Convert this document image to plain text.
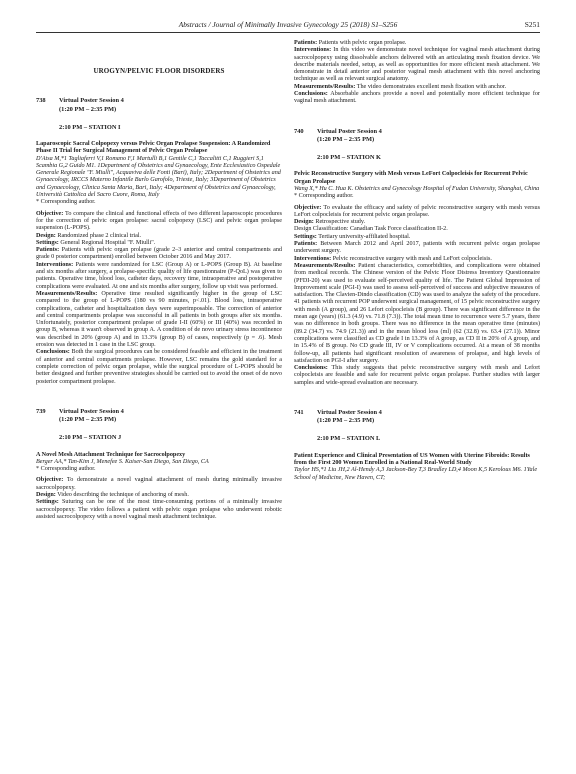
Abstracts / Journal of Minimally Invasive Gynecology 25 (2018) S1–S256	S251
UROGYN/PELVIC FLOOR DISORDERS
738	Virtual Poster Session 4
(1:20 PM – 2:35 PM)
2:10 PM – STATION I

Laparoscopic Sacral Colpopexy versus Pelvic Organ Prolapse Suspension: A Randomized Phase II Trial for Surgical Management of Pelvic Organ Prolapse

D'Atsa M,*1 Tagliaferri V,1 Romano F,1 Martulli B,1 Gentile C,1 Taccalitti C,1 Ruggieri S,1 Scambia G,2 Guido M1. 1Department of Obstetrics and Gynaecology, Ente Ecclesiastico Ospedale Generale Regionale "F. Miulli", Acquaviva delle Fonti (Bari), Italy; 2Department of Obstetrics and Gynaecology, IRCCS Materno Infantile Burlo Garofolo, Trieste, Italy; 3Department of Obstetrics and Gynaecology, Clinica Santa Maria, Bari, Italy; 4Department of Obstetrics and Gynaecology, Università Cattolica del Sacro Cuore, Roma, Italy

* Corresponding author.

Objective: To compare the clinical and functional effects of two different laparoscopic procedures for the correction of pelvic organ prolapse: sacral colpopexy (LSC) and pelvic organ prolapse suspension (L-POPS).

Design: Randomized phase 2 clinical trial.

Settings: General Regional Hospital "F. Miulli".

Patients: Patients with pelvic organ prolapse (grade 2–3 anterior and central compartments and grade 0 posterior compartment) enrolled between October 2016 and May 2017.

Interventions: Patients were randomized for LSC (Group A) or L-POPS (Group B). At baseline and six months after surgery, a prolapse-specific quality of life questionnaire (P-QoL) was given to patients. Operative time, blood loss, catheter days, recovery time, intraoperative and postoperative complications were evaluated. At one and six months after surgery, follow up visit was performed.

Measurements/Results: Operative time resulted significantly higher in the group of LSC compared to the group of L-POPS (180 vs 90 minutes, p<.01). Blood loss, intraoperative complications, catheter and hospitalization days were superimposable. The correction of anterior and central compartments prolapse was successful in all patients in both groups after six months. Unfortunately, posterior compartment prolapse of grade I-II (60%) or III (40%) was recorded in group B, whereas it wasn't observed in group A. A condition of de novo urinary stress incontinence was described in 20% (group A) and in 13.3% (group B) of cases, respectively (p = .6). Mesh erosion was detected in 1 case in the LSC group.

Conclusions: Both the surgical procedures can be considered feasible and efficient in the treatment of anterior and central compartments prolapse. However, LSC remains the gold standard for a complete correction of pelvic organ prolapse, while the surgical procedure of L-POPS should be better designed and further preventive strategies should be carried out to avoid the onset of de novo posterior compartment prolapse.

739	Virtual Poster Session 4
(1:20 PM – 2:35 PM)
2:10 PM – STATION J

A Novel Mesh Attachment Technique for Sacrocolpopexy

Berger AA,* Tan-Kim J, Menefee S. Kaiser-San Diego, San Diego, CA

* Corresponding author.

Objective: To demonstrate a novel vaginal attachment of mesh during minimally invasive sacrocolpopexy.

Design: Video describing the technique of anchoring of mesh.

Settings: Suturing can be one of the most time-consuming portions of a minimally invasive sacrocolpopexy. The video follows a patient with pelvic organ prolapse who underwent robotic assisted sacrocolpopexy with a novel vaginal mesh attachment technique.

Patients: Patients with pelvic organ prolapse.

Interventions: In this video we demonstrate novel technique for vaginal mesh attachment during sacrocolpopexy using dissolvable anchors delivered with an articulating mesh fixation device. We describe materials needed, setup, as well as opportunities for more efficient mesh attachment. We demonstrate in detail anterior and posterior vaginal mesh attachment with this novel anchoring technique as well as relevant surgical anatomy.

Measurements/Results: The video demonstrates excellent mesh fixation with anchor.

Conclusions: Absorbable anchors provide a novel and potentially more efficient technique for vaginal mesh attachment.

740	Virtual Poster Session 4
(1:20 PM – 2:35 PM)
2:10 PM – STATION K

Pelvic Reconstructive Surgery with Mesh versus LeFort Colpocleisis for Recurrent Pelvic Organ Prolapse

Wang X,* Hu C. Hua K. Obstetrics and Gynecology Hospital of Fudan University, Shanghai, China

* Corresponding author.

Objective: To evaluate the efficacy and safety of pelvic reconstructive surgery with mesh versus LeFort colpocleisis for recurrent pelvic organ prolapse.

Design: Retrospective study.

Design Classification: Canadian Task Force classification II-2.

Settings: Tertiary university-affiliated hospital.

Patients: Between March 2012 and April 2017, patients with recurrent pelvic organ prolapse underwent surgery.

Interventions: Pelvic reconstructive surgery with mesh and LeFort colpocleisis.

Measurements/Results: Patient characteristics, comorbidities, and complications were obtained from medical records. The Chinese version of the Pelvic Floor Distress Inventory Questionnaire (PFDI-20) was used to evaluate self-perceived quality of life. The Patient Global Impression of Improvement scale (PGI-I) was used to assess self-perceived of success and subjective measures of satisfaction. The Clavien-Dindo classification (CD) was used to analyze the safety of the procedure. 41 patients with recurrent POP underwent surgical management, of 15 pelvic reconstructive surgery with mesh (A group), and 26 Lefort colpocleisis (B group). There was significant difference in the mean age (years) (61.3 (4.9) vs. 71.8 (7.3)). The total mean time to recurrence were 5.7 years, there was no difference in both groups. There was no difference in the mean operative time (minutes) (89.2 (34.7) vs. 74.9 (21.3)) and in the mean blood loss (ml) (62 (32.8) vs. 63.4 (27.1)). Minor complications were classified as CD grade I in 13.3% of A group, as CD II in 20% of A group, and in 15.4% of B group. No CD grade III, IV or V complications occurred. At a mean of 38 months follow-up, all patients had significant resolution of awareness of prolapse, and high levels of satisfaction on PGI-I after surgery.

Conclusions: This study suggests that pelvic reconstructive surgery with mesh and Lefort colpocleisis are feasible and safe for recurrent pelvic organ prolapse. Further studies with larger samples and wide-spread evaluation are necessary.

741	Virtual Poster Session 4
(1:20 PM – 2:35 PM)
2:10 PM – STATION L

Patient Experience and Clinical Presentation of US Women with Uterine Fibroids: Results from the First 200 Women Enrolled in a National Real-World Study

Taylor HS,*1 Liu JH,2 Al-Hendy A,3 Jackson-Bey T,3 Bradley LD,4 Moon K,5 Kerolous M6. 1Yale School of Medicine, New Haven, CT;
